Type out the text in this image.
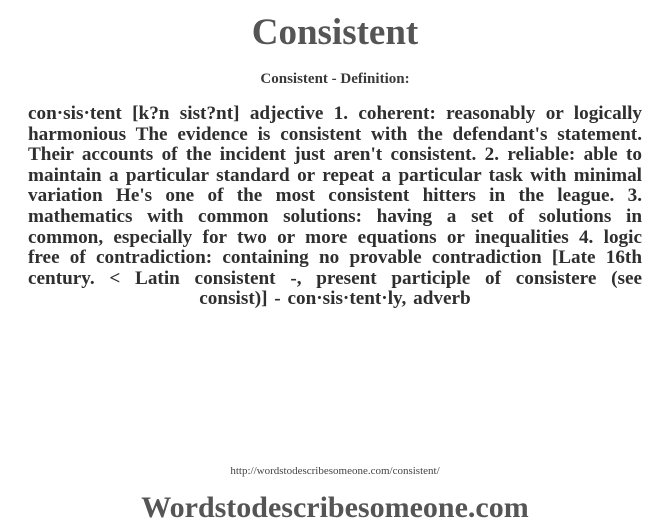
Consistent
Consistent - Definition:
con·sis·tent [k?n sist?nt] adjective 1. coherent: reasonably or logically harmonious The evidence is consistent with the defendant's statement. Their accounts of the incident just aren't consistent. 2. reliable: able to maintain a particular standard or repeat a particular task with minimal variation He's one of the most consistent hitters in the league. 3. mathematics with common solutions: having a set of solutions in common, especially for two or more equations or inequalities 4. logic free of contradiction: containing no provable contradiction [Late 16th century. < Latin consistent -, present participle of consistere (see consist)] - con·sis·tent·ly, adverb
http://wordstodescribesomeone.com/consistent/
Wordstodescribesomeone.com
